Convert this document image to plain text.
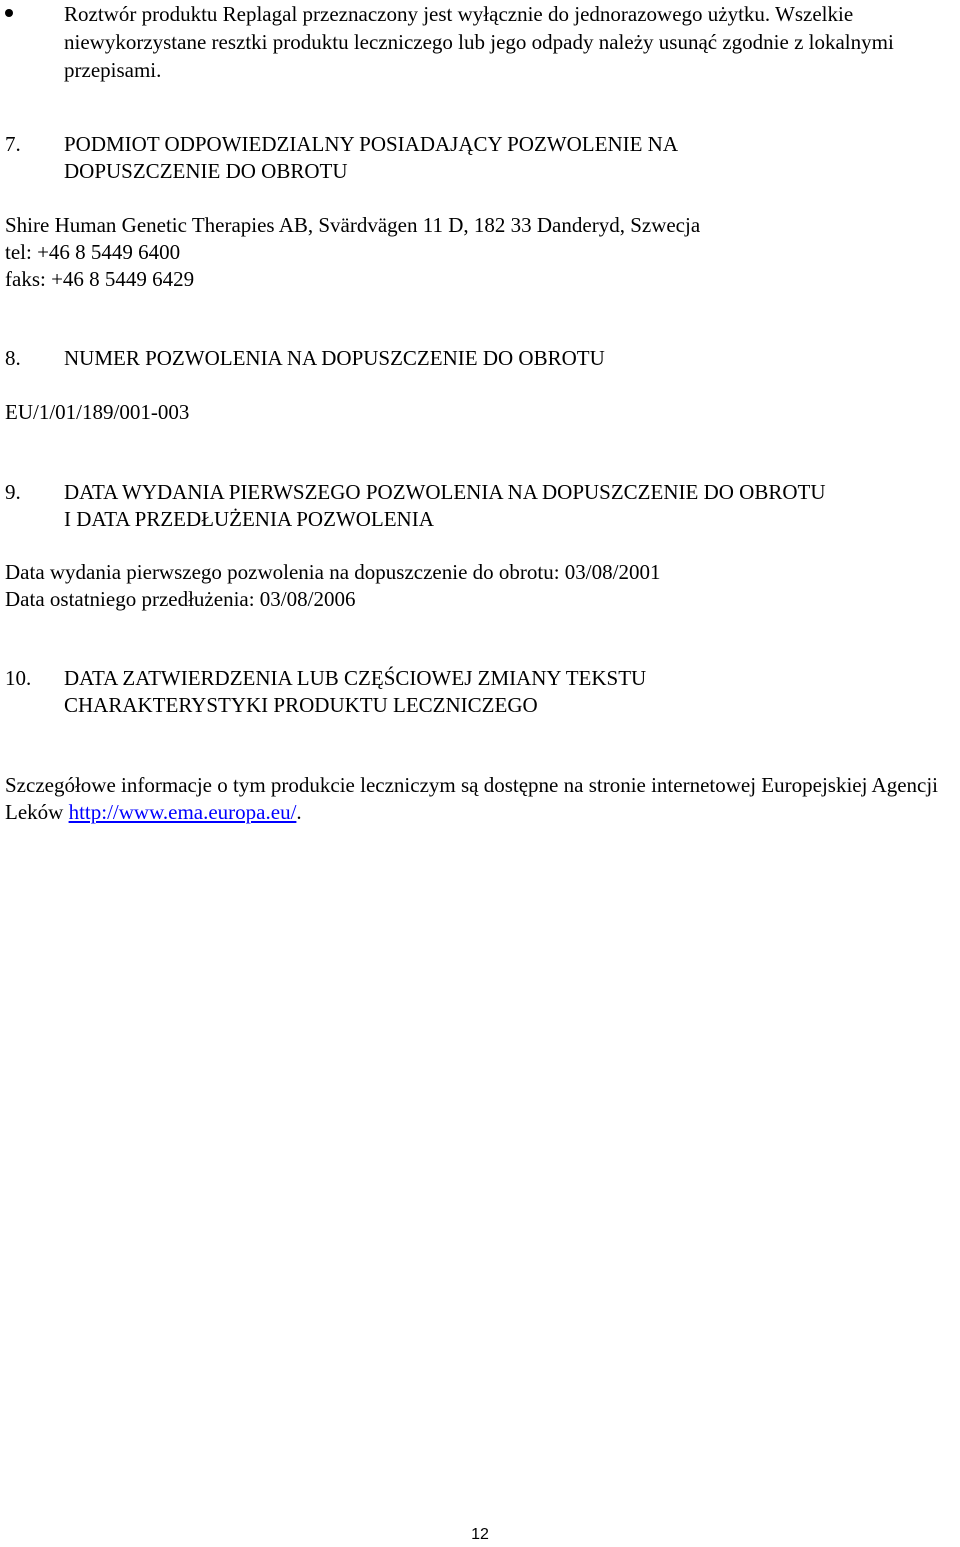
Roztwór produktu Replagal przeznaczony jest wyłącznie do jednorazowego użytku. Wszelkie niewykorzystane resztki produktu leczniczego lub jego odpady należy usunąć zgodnie z lokalnymi przepisami.
7. PODMIOT ODPOWIEDZIALNY POSIADAJĄCY POZWOLENIE NA
DOPUSZCZENIE DO OBROTU
Shire Human Genetic Therapies AB, Svärdvägen 11 D, 182 33 Danderyd, Szwecja
tel: +46 8 5449 6400
faks: +46 8 5449 6429
8. NUMER POZWOLENIA NA DOPUSZCZENIE DO OBROTU
EU/1/01/189/001-003
9. DATA WYDANIA PIERWSZEGO POZWOLENIA NA DOPUSZCZENIE DO OBROTU
I DATA PRZEDŁUŻENIA POZWOLENIA
Data wydania pierwszego pozwolenia na dopuszczenie do obrotu: 03/08/2001
Data ostatniego przedłużenia: 03/08/2006
10. DATA ZATWIERDZENIA LUB CZĘŚCIOWEJ ZMIANY TEKSTU
CHARAKTERYSTYKI PRODUKTU LECZNICZEGO
Szczegółowe informacje o tym produkcie leczniczym są dostępne na stronie internetowej Europejskiej Agencji Leków http://www.ema.europa.eu/.
12
